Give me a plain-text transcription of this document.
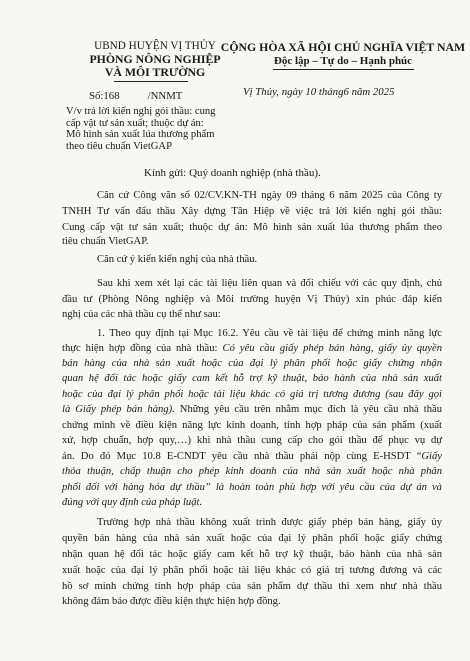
UBND HUYỆN VỊ THỦY
PHÒNG NÔNG NGHIỆP
VÀ MÔI TRƯỜNG
Số:168	/NNMT
V/v trả lời kiến nghị gói thầu: cung
cấp vật tư sản xuất; thuộc dự án:
Mô hình sản xuất lúa thương phẩm
theo tiêu chuẩn VietGAP
CỘNG HÒA XÃ HỘI CHỦ NGHĨA VIỆT NAM
Độc lập – Tự do – Hạnh phúc
Vị Thủy, ngày 10 tháng6 năm 2025
Kính gửi: Quý doanh nghiệp (nhà thầu).
Căn cứ Công văn số 02/CV.KN-TH ngày 09 tháng 6 năm 2025 của Công ty
TNHH Tư vấn đấu thầu Xây dựng Tân Hiệp về việc trả lời kiến nghị gói thầu:
Cung cấp vật tư sản xuất; thuộc dự án: Mô hình sản xuất lúa thương phẩm theo
tiêu chuẩn VietGAP.
Căn cứ ý kiến kiến nghị của nhà thầu.
Sau khi xem xét lại các tài liệu liên quan và đối chiếu với các quy định, chủ
đầu tư (Phòng Nông nghiệp và Môi trường huyện Vị Thủy) xin phúc đáp kiến
nghị của các nhà thầu cụ thể như sau:
1. Theo quy định tại Mục 16.2. Yêu cầu về tài liệu để chứng minh năng lực
thực hiện hợp đồng của nhà thầu: Có yêu cầu giấy phép bán hàng, giấy ủy quyền
bán hàng của nhà sản xuất hoặc của đại lý phân phối hoặc giấy chứng nhận
quan hệ đối tác hoặc giấy cam kết hỗ trợ kỹ thuật, bảo hành của nhà sản xuất
hoặc của đại lý phân phối hoặc tài liệu khác có giá trị tương đương (sau đây gọi
là Giấy phép bán hàng). Những yêu cầu trên nhằm mục đích là yêu cầu nhà thầu
chứng minh về điều kiện năng lực kinh doanh, tính hợp pháp của sản phẩm (xuất
xứ, hợp chuẩn, hợp quy,…) khi nhà thầu cung cấp cho gói thầu để phục vụ dự
án. Do đó Mục 10.8 E-CNDT yêu cầu nhà thầu phải nộp cùng E-HSDT “Giấy
thỏa thuận, chấp thuận cho phép kinh doanh của nhà sản xuất hoặc nhà phân
phối đối với hàng hóa dự thầu” là hoàn toàn phù hợp với yêu cầu của dự án và
đúng với quy định của pháp luật.
Trường hợp nhà thầu không xuất trình được giấy phép bán hàng, giấy ủy
quyền bán hàng của nhà sản xuất hoặc của đại lý phân phối hoặc giấy chứng
nhận quan hệ đối tác hoặc giấy cam kết hỗ trợ kỹ thuật, bảo hành của nhà sản
xuất hoặc của đại lý phân phối hoặc tài liệu khác có giá trị tương đương và các
hồ sơ minh chứng tính hợp pháp của sản phẩm dự thầu thì xem như nhà thầu
không đảm bảo được điều kiện thực hiện hợp đồng.
